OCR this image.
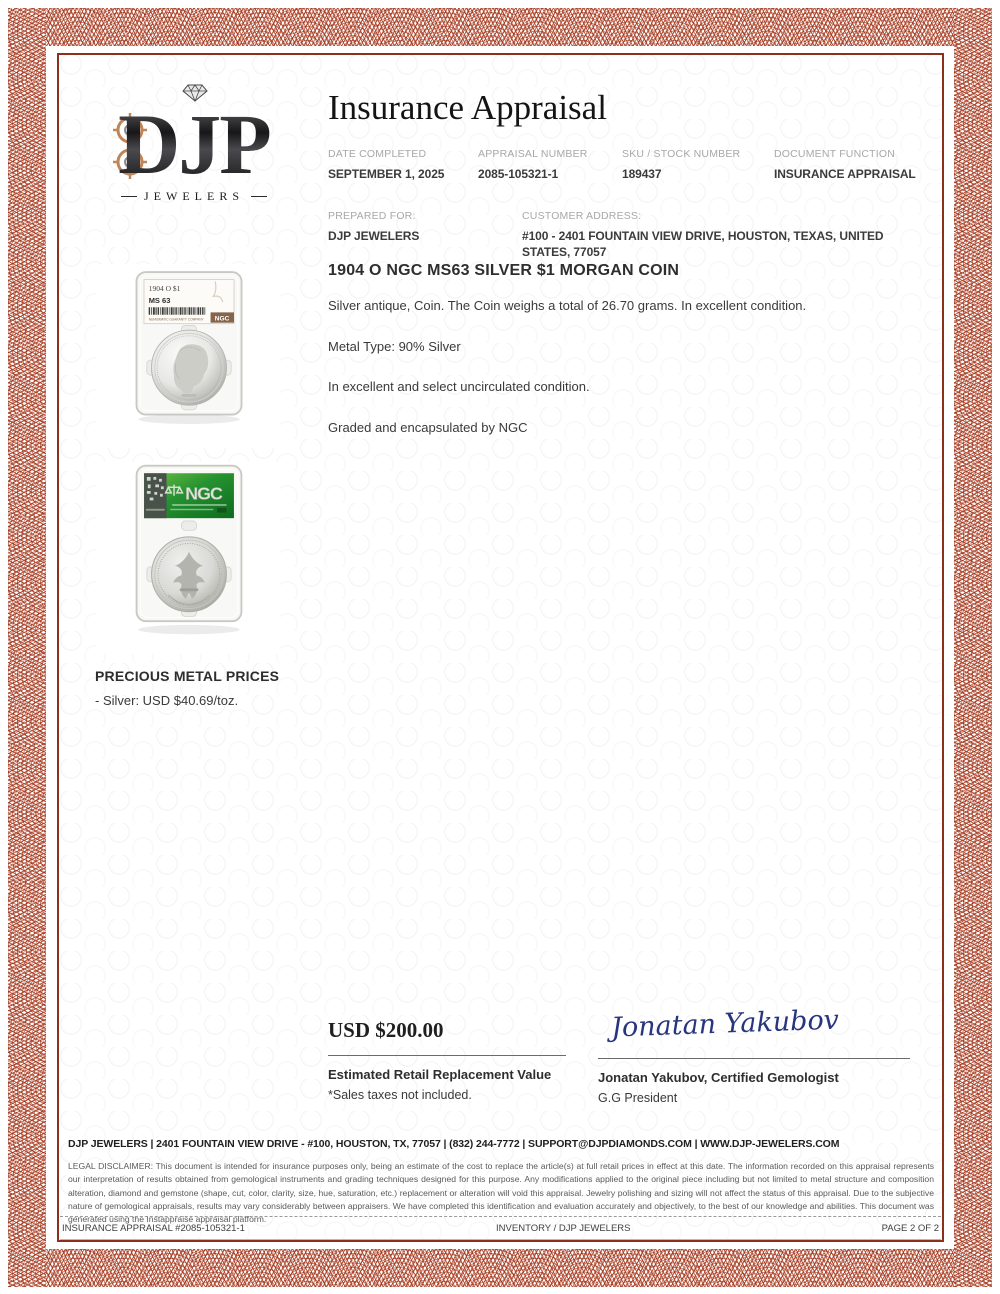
DJP
JEWELERS
Insurance Appraisal
DATE COMPLETED
SEPTEMBER 1, 2025
APPRAISAL NUMBER
2085-105321-1
SKU / STOCK NUMBER
189437
DOCUMENT FUNCTION
INSURANCE APPRAISAL
PREPARED FOR:
DJP JEWELERS
CUSTOMER ADDRESS:
#100 - 2401 FOUNTAIN VIEW DRIVE, HOUSTON, TEXAS, UNITED STATES, 77057
1904 O NGC MS63 SILVER $1 MORGAN COIN

Silver antique, Coin. The Coin weighs a total of 26.70 grams. In excellent condition.

Metal Type: 90% Silver

In excellent and select uncirculated condition.

Graded and encapsulated by NGC

1904 O $1
MS 63
NUMISMATIC GUARANTY COMPANY NGC
NGC
PRECIOUS METAL PRICES
- Silver: USD $40.69/toz.
USD $200.00
Estimated Retail Replacement Value
*Sales taxes not included.
Jonatan Yakubov
Jonatan Yakubov, Certified Gemologist
G.G President
DJP JEWELERS | 2401 FOUNTAIN VIEW DRIVE - #100, HOUSTON, TX, 77057 | (832) 244-7772 | SUPPORT@DJPDIAMONDS.COM | WWW.DJP-JEWELERS.COM
LEGAL DISCLAIMER: This document is intended for insurance purposes only, being an estimate of the cost to replace the article(s) at full retail prices in effect at this date. The information recorded on this appraisal represents our interpretation of results obtained from gemological instruments and grading techniques designed for this purpose. Any modifications applied to the original piece including but not limited to metal structure and composition alteration, diamond and gemstone (shape, cut, color, clarity, size, hue, saturation, etc.) replacement or alteration will void this appraisal. Jewelry polishing and sizing will not affect the status of this appraisal. Due to the subjective nature of gemological appraisals, results may vary considerably between appraisers. We have completed this identification and evaluation accurately and objectively, to the best of our knowledge and abilities. This document was generated using the Instappraise appraisal platform.
INSURANCE APPRAISAL #2085-105321-1	INVENTORY / DJP JEWELERS	PAGE 2 OF 2
